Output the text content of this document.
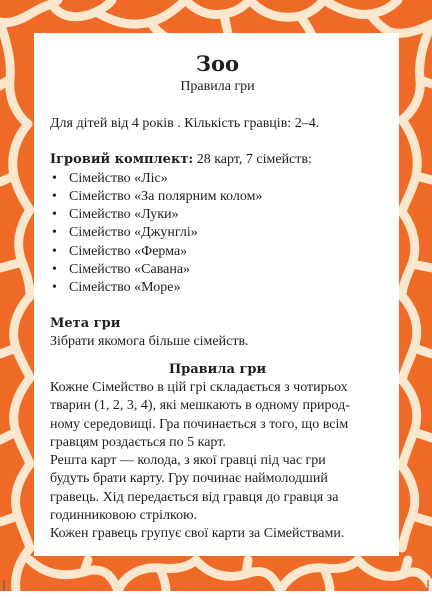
Зоо
Правила гри
Для дітей від 4 років . Кількість гравців: 2–4.
Ігровий комплект: 28 карт, 7 сімейств:
• Сімейство «Ліс»
• Сімейство «За полярним колом»
• Сімейство «Луки»
• Сімейство «Джунглі»
• Сімейство «Ферма»
• Сімейство «Савана»
• Сімейство «Море»
Мета гри
Зібрати якомога більше сімейств.
Правила гри

Кожне Сімейство в цій грі складається з чотирьох

тварин (1, 2, 3, 4), які мешкають в одному природ-

ному середовищі. Гра починається з того, що всім

гравцям роздається по 5 карт.

Решта карт — колода, з якої гравці під час гри

будуть брати карту. Гру починає наймолодший

гравець. Хід передається від гравця до гравця за

годинниковою стрілкою.

Кожен гравець групує свої карти за Сімействами.
